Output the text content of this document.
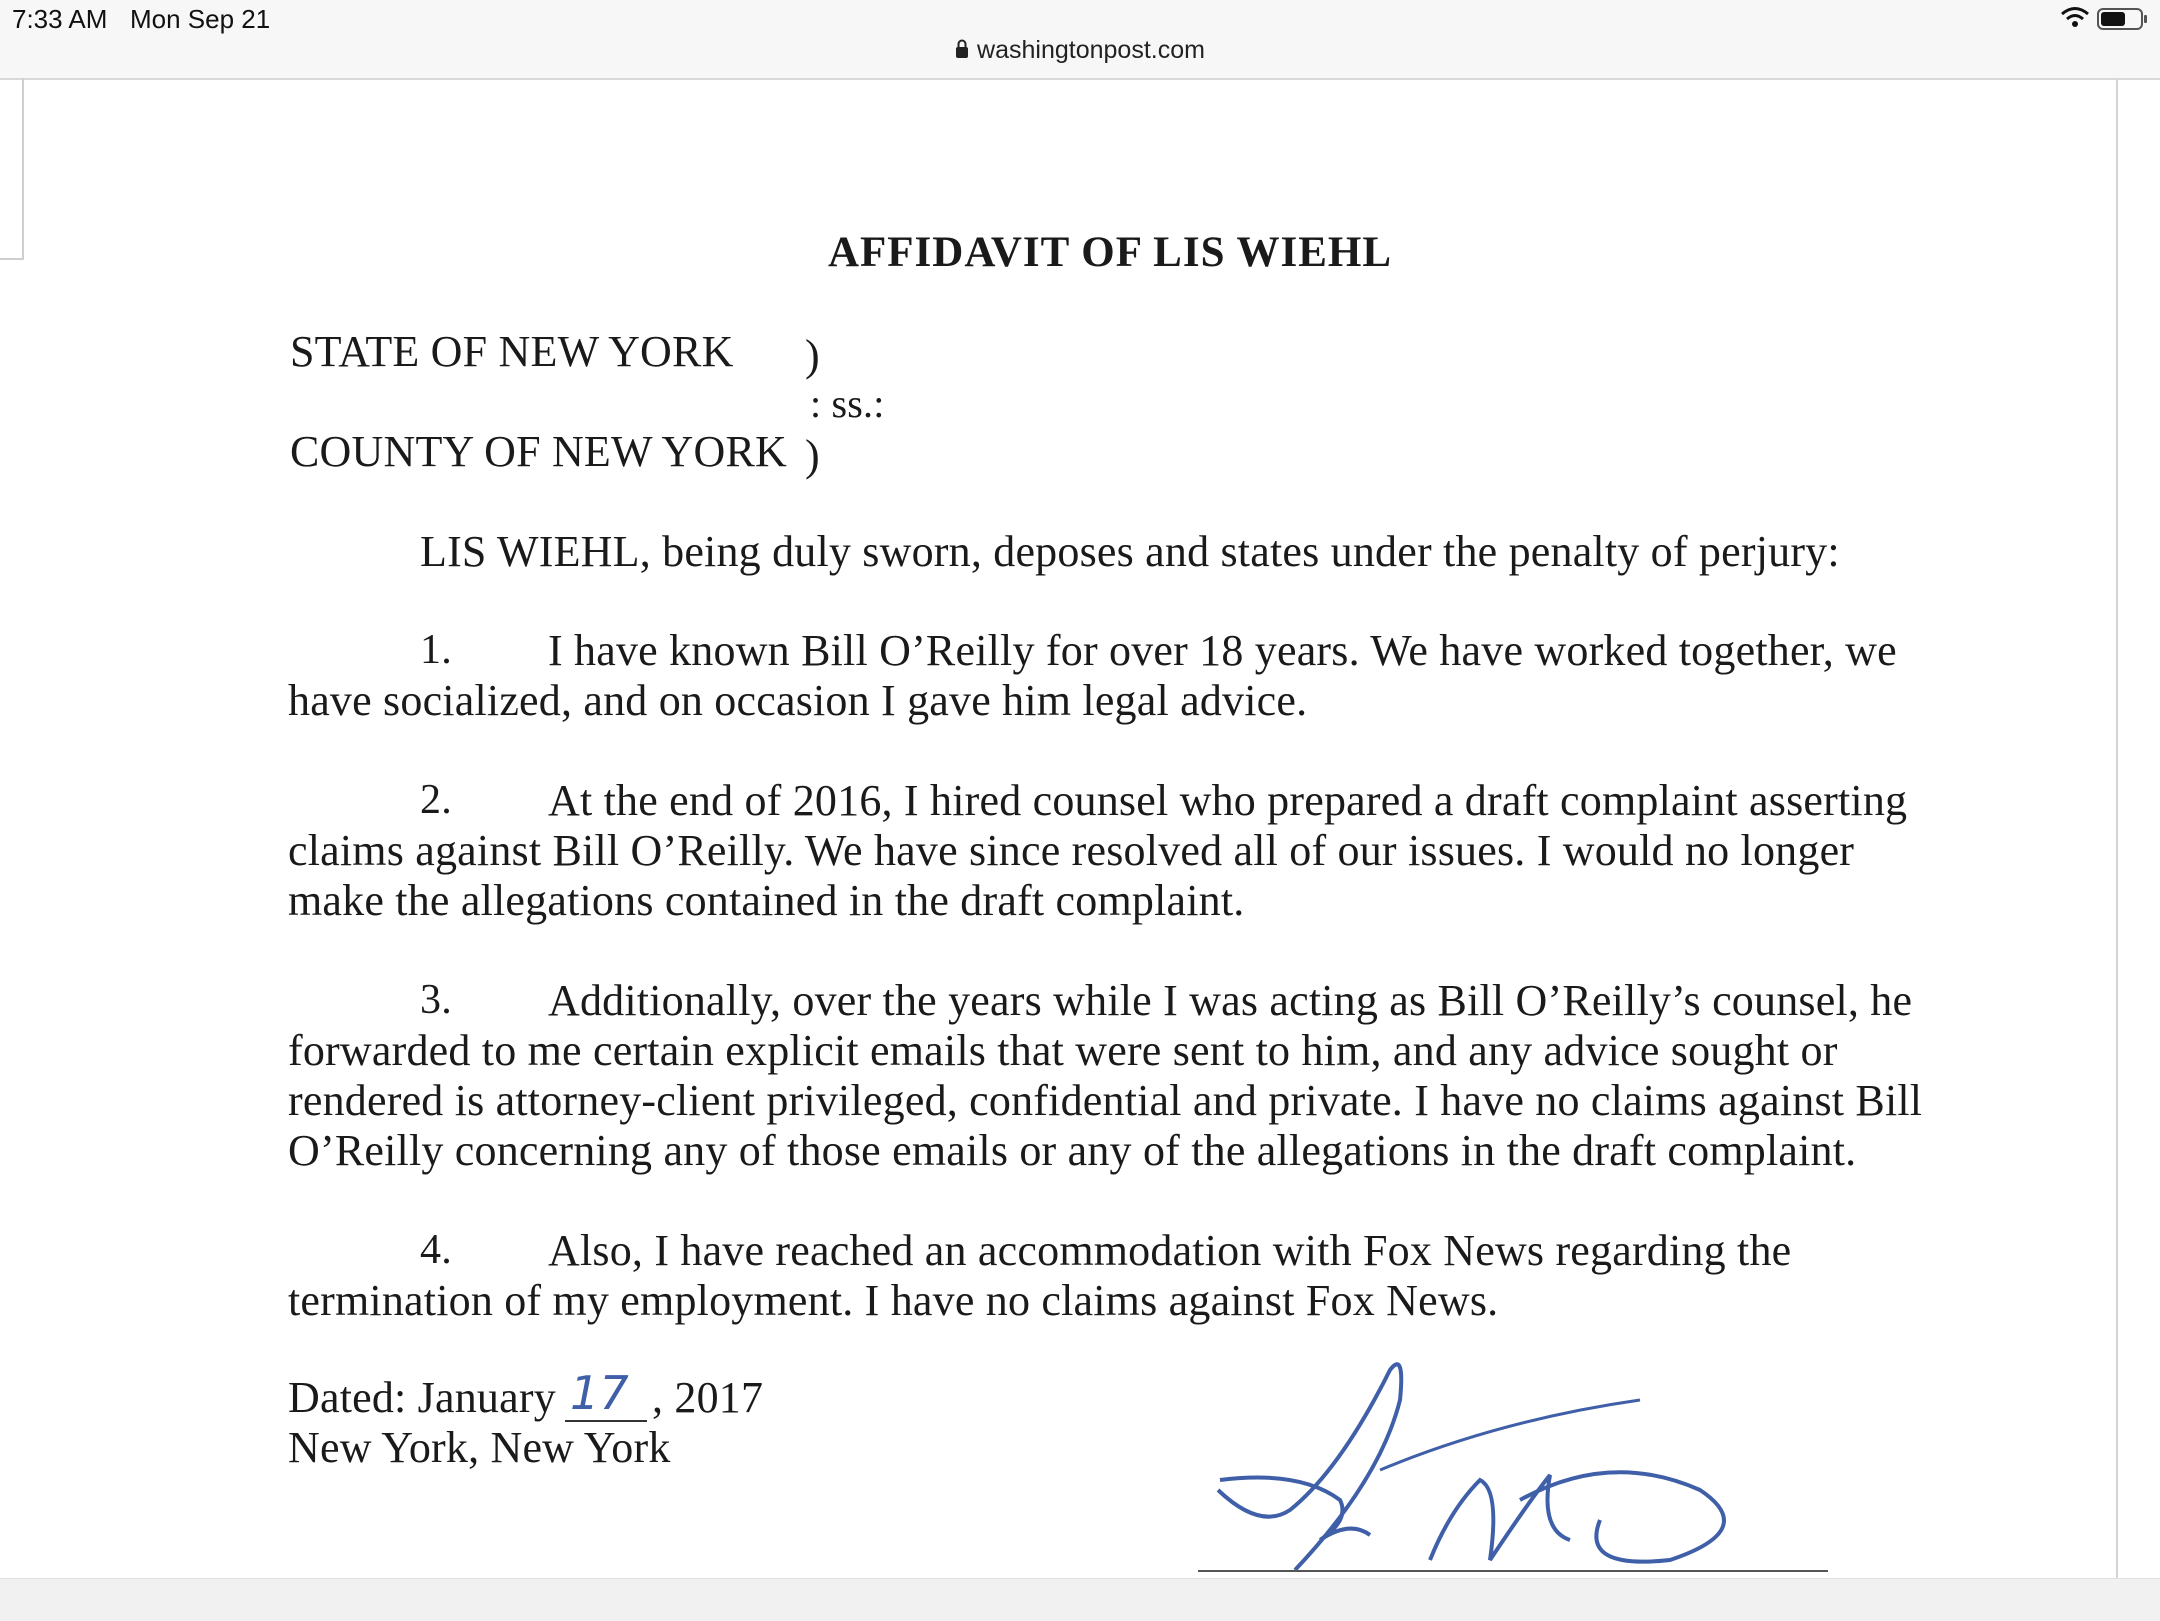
7:33 AM Mon Sep 21
washingtonpost.com
AFFIDAVIT OF LIS WIEHL
STATE OF NEW YORK )
: ss.:
COUNTY OF NEW YORK )
LIS WIEHL, being duly sworn, deposes and states under the penalty of perjury:
1. I have known Bill O’Reilly for over 18 years. We have worked together, we
have socialized, and on occasion I gave him legal advice.
2. At the end of 2016, I hired counsel who prepared a draft complaint asserting
claims against Bill O’Reilly. We have since resolved all of our issues. I would no longer
make the allegations contained in the draft complaint.
3. Additionally, over the years while I was acting as Bill O’Reilly’s counsel, he
forwarded to me certain explicit emails that were sent to him, and any advice sought or
rendered is attorney-client privileged, confidential and private. I have no claims against Bill
O’Reilly concerning any of those emails or any of the allegations in the draft complaint.
4. Also, I have reached an accommodation with Fox News regarding the
termination of my employment. I have no claims against Fox News.
Dated: January 17 , 2017
New York, New York
